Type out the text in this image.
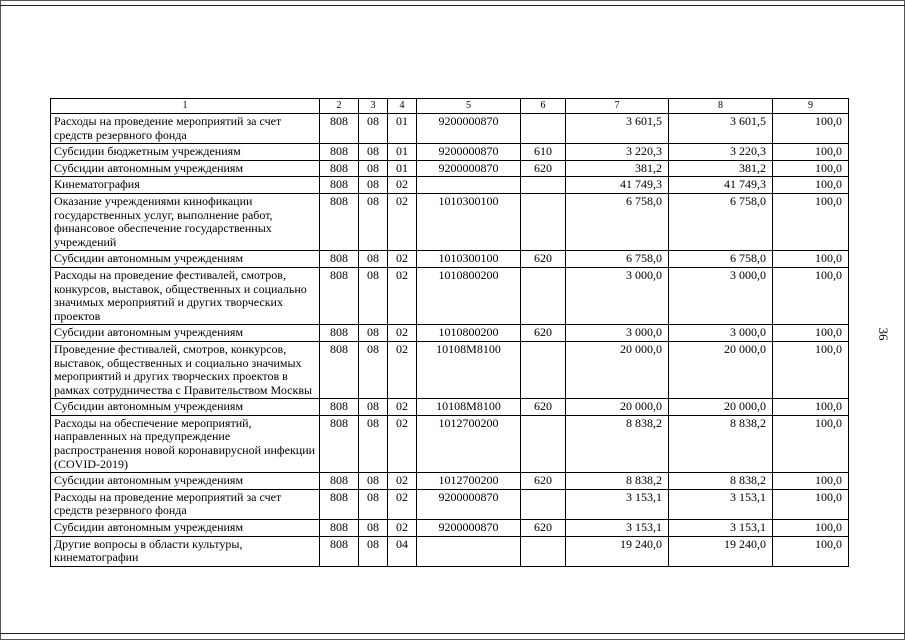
36
1	2	3	4	5	6	7	8	9
Расходы на проведение мероприятий за счет средств резервного фонда	808	08	01	9200000870		3 601,5	3 601,5	100,0
Субсидии бюджетным учреждениям	808	08	01	9200000870	610	3 220,3	3 220,3	100,0
Субсидии автономным учреждениям	808	08	01	9200000870	620	381,2	381,2	100,0
Кинематография	808	08	02			41 749,3	41 749,3	100,0
Оказание учреждениями кинофикации государственных услуг, выполнение работ, финансовое обеспечение государственных учреждений	808	08	02	1010300100		6 758,0	6 758,0	100,0
Субсидии автономным учреждениям	808	08	02	1010300100	620	6 758,0	6 758,0	100,0
Расходы на проведение фестивалей, смотров, конкурсов, выставок, общественных и социально значимых мероприятий и других творческих проектов	808	08	02	1010800200		3 000,0	3 000,0	100,0
Субсидии автономным учреждениям	808	08	02	1010800200	620	3 000,0	3 000,0	100,0
Проведение фестивалей, смотров, конкурсов, выставок, общественных и социально значимых мероприятий и других творческих проектов в рамках сотрудничества с Правительством Москвы	808	08	02	10108М8100		20 000,0	20 000,0	100,0
Субсидии автономным учреждениям	808	08	02	10108М8100	620	20 000,0	20 000,0	100,0
Расходы на обеспечение мероприятий, направленных на предупреждение распространения новой коронавирусной инфекции (COVID-2019)	808	08	02	1012700200		8 838,2	8 838,2	100,0
Субсидии автономным учреждениям	808	08	02	1012700200	620	8 838,2	8 838,2	100,0
Расходы на проведение мероприятий за счет средств резервного фонда	808	08	02	9200000870		3 153,1	3 153,1	100,0
Субсидии автономным учреждениям	808	08	02	9200000870	620	3 153,1	3 153,1	100,0
Другие вопросы в области культуры, кинематографии	808	08	04			19 240,0	19 240,0	100,0
